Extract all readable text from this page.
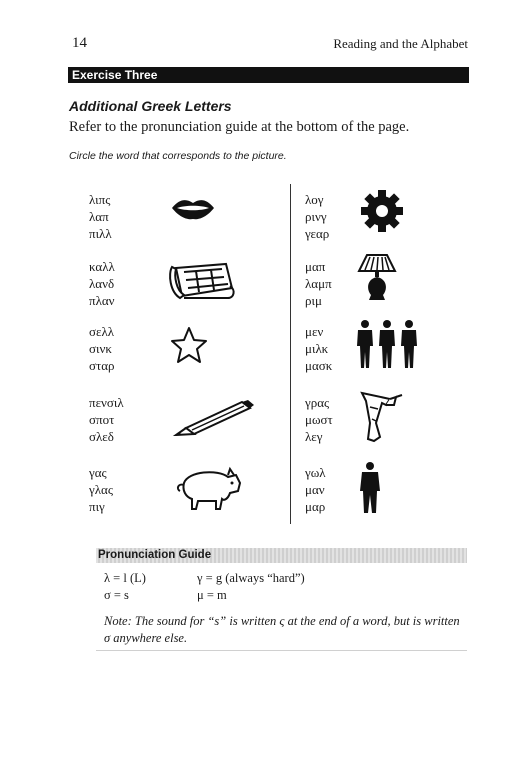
14	Reading and the Alphabet
Exercise Three
Additional Greek Letters
Refer to the pronunciation guide at the bottom of the page.
Circle the word that corresponds to the picture.
λιπς
λαπ
πιλλ
καλλ
λανδ
πλαν
σελλ
σινκ
σταρ
πενσιλ
σποτ
σλεδ
γας
γλας
πιγ
λογ
ρινγ
γεαρ
μαπ
λαμπ
ριμ
μεν
μιλκ
μασκ
γρας
μωστ
λεγ
γωλ
μαν
μαρ
Pronunciation Guide
λ = l (L)	γ = g (always “hard”)
σ = s	μ = m
Note: The sound for “s” is written ς at the end of a word, but is written σ anywhere else.
